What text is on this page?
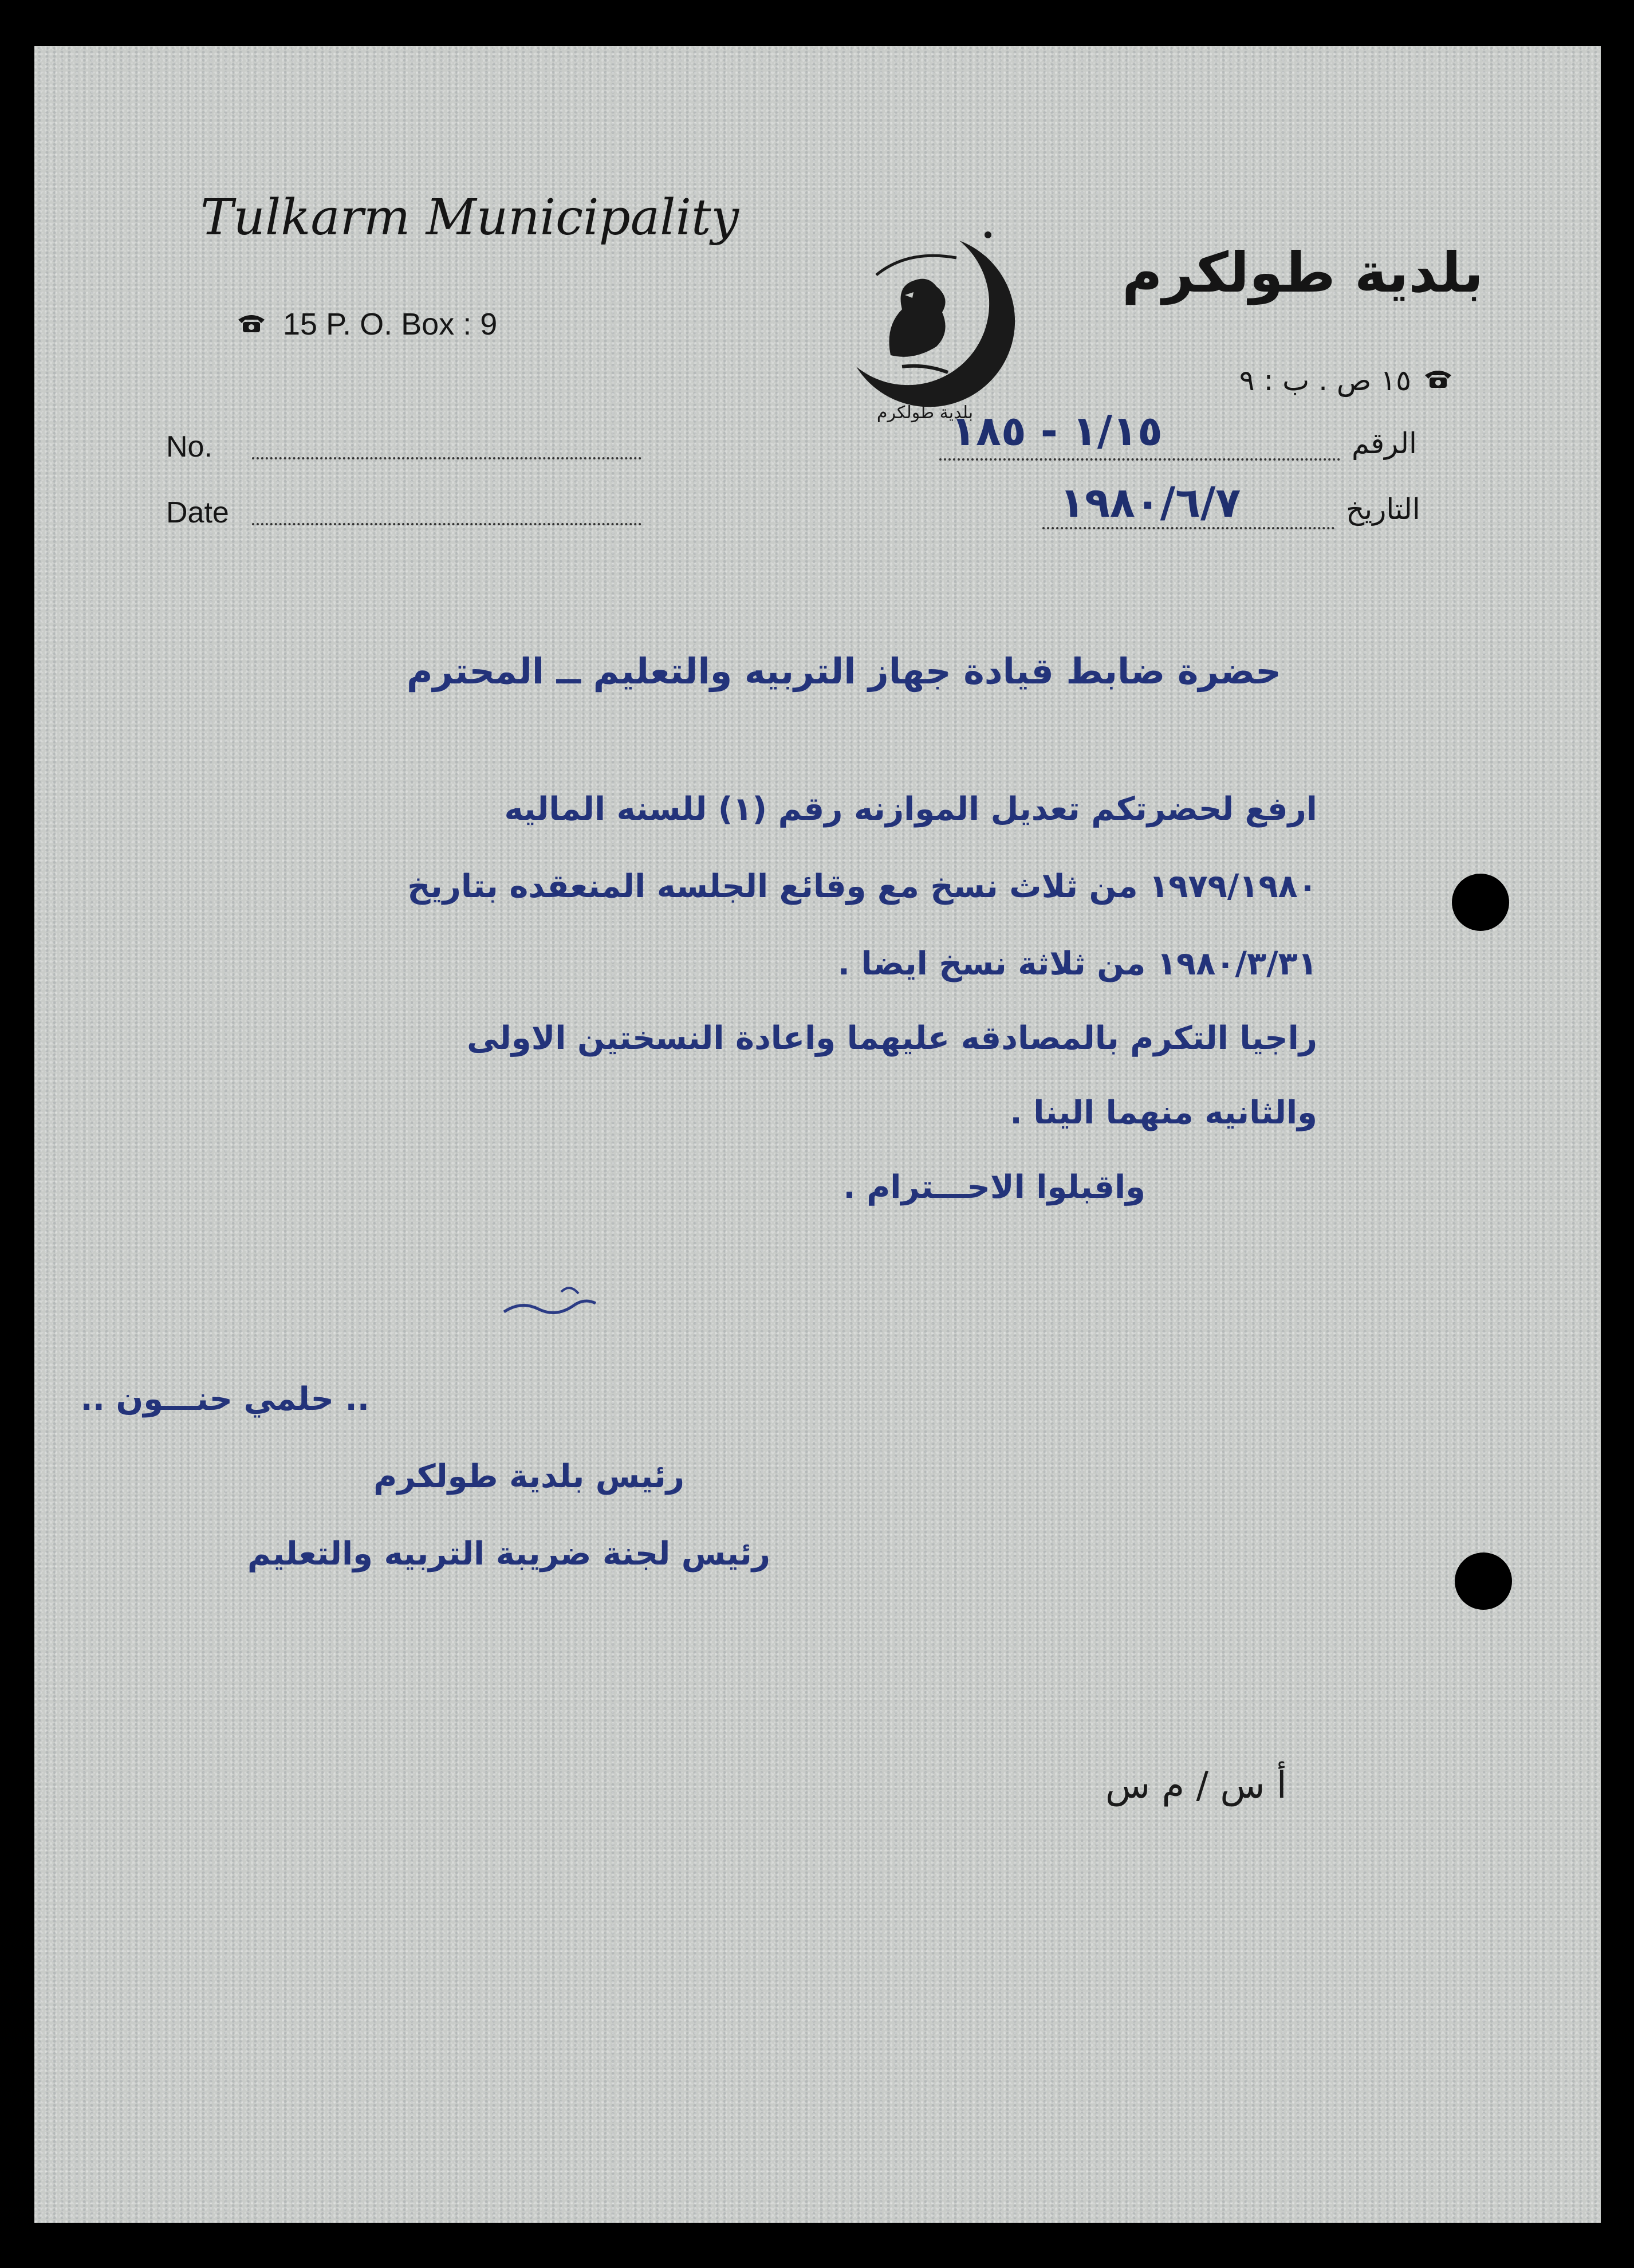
Tulkarm Municipality
15 P. O. Box : 9
بلدية طولكرم
بلدية طولكرم
١٥ ص . ب : ٩
No.
Date
الرقم
التاريخ
١/١٥ - ١٨٥
١٩٨٠/٦/٧
حضرة ضابط قيادة جهاز التربيه والتعليم ــ المحترم
ارفع لحضرتكم تعديل الموازنه رقم (١) للسنه الماليه
١٩٧٩/١٩٨٠ من ثلاث نسخ مع وقائع الجلسه المنعقده بتاريخ
١٩٨٠/٣/٣١ من ثلاثة نسخ ايضا .
راجيا التكرم بالمصادقه عليهما واعادة النسختين الاولى
والثانيه منهما الينا .
واقبلوا الاحـــترام .
.. حلمي حنـــون ..
رئيس بلدية طولكرم
رئيس لجنة ضريبة التربيه والتعليم
أ س / م س
